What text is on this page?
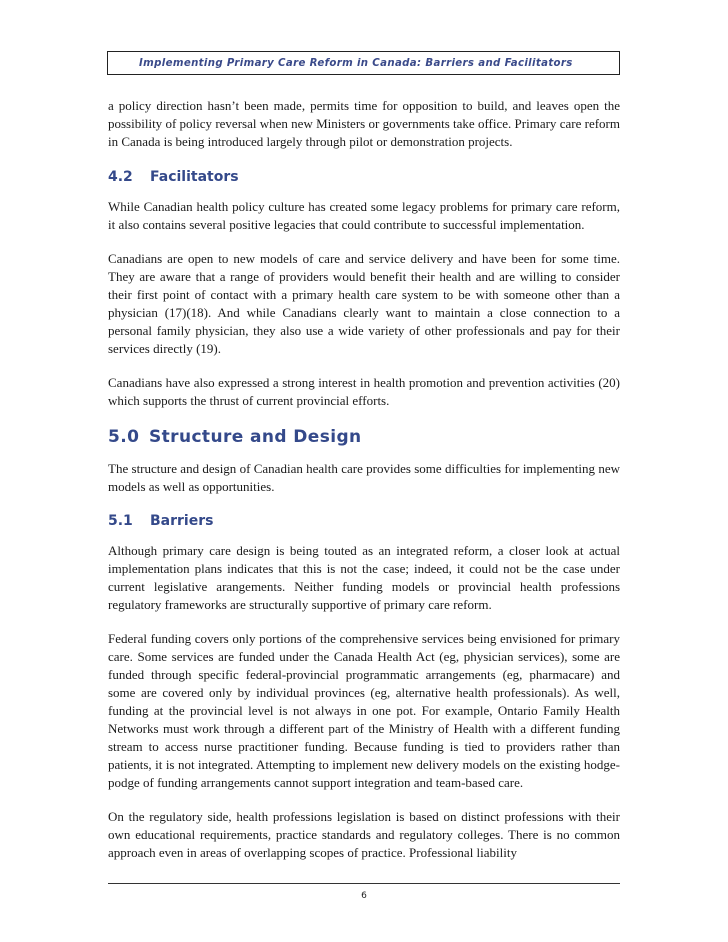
Implementing Primary Care Reform in Canada: Barriers and Facilitators

a policy direction hasn’t been made, permits time for opposition to build, and leaves open the possibility of policy reversal when new Ministers or governments take office. Primary care reform in Canada is being introduced largely through pilot or demonstration projects.

4.2 Facilitators

While Canadian health policy culture has created some legacy problems for primary care reform, it also contains several positive legacies that could contribute to successful implementation.

Canadians are open to new models of care and service delivery and have been for some time. They are aware that a range of providers would benefit their health and are willing to consider their first point of contact with a primary health care system to be with someone other than a physician (17)(18). And while Canadians clearly want to maintain a close connection to a personal family physician, they also use a wide variety of other professionals and pay for their services directly (19).

Canadians have also expressed a strong interest in health promotion and prevention activities (20) which supports the thrust of current provincial efforts.

5.0 Structure and Design

The structure and design of Canadian health care provides some difficulties for implementing new models as well as opportunities.

5.1 Barriers

Although primary care design is being touted as an integrated reform, a closer look at actual implementation plans indicates that this is not the case; indeed, it could not be the case under current legislative arangements. Neither funding models or provincial health professions regulatory frameworks are structurally supportive of primary care reform.

Federal funding covers only portions of the comprehensive services being envisioned for primary care. Some services are funded under the Canada Health Act (eg, physician services), some are funded through specific federal-provincial programmatic arrangements (eg, pharmacare) and some are covered only by individual provinces (eg, alternative health professionals). As well, funding at the provincial level is not always in one pot. For example, Ontario Family Health Networks must work through a different part of the Ministry of Health with a different funding stream to access nurse practitioner funding. Because funding is tied to providers rather than patients, it is not integrated. Attempting to implement new delivery models on the existing hodge-podge of funding arrangements cannot support integration and team-based care.

On the regulatory side, health professions legislation is based on distinct professions with their own educational requirements, practice standards and regulatory colleges. There is no common approach even in areas of overlapping scopes of practice. Professional liability

6
